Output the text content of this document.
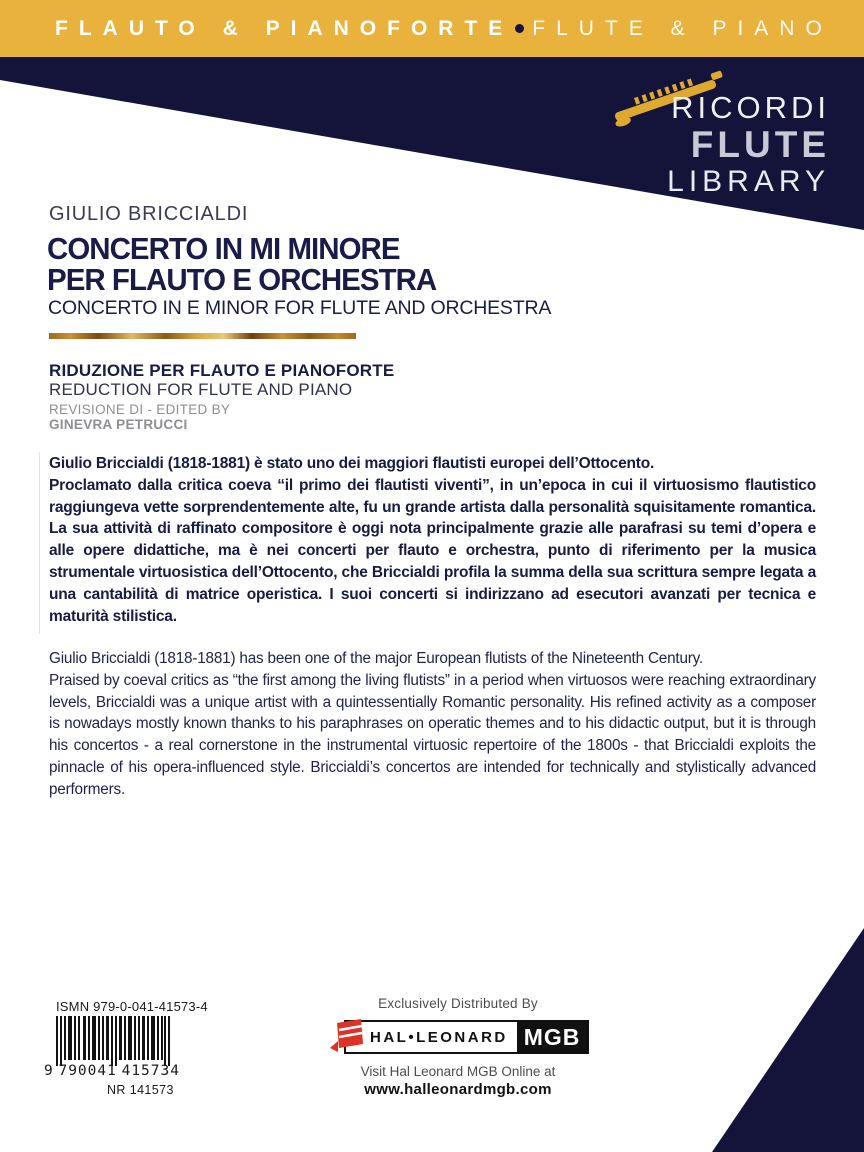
FLAUTO & PIANOFORTE FLUTE & PIANO
RICORDI
FLUTE
LIBRARY
GIULIO BRICCIALDI
CONCERTO IN MI MINORE
PER FLAUTO E ORCHESTRA
CONCERTO IN E MINOR FOR FLUTE AND ORCHESTRA
RIDUZIONE PER FLAUTO E PIANOFORTE
REDUCTION FOR FLUTE AND PIANO
REVISIONE DI - EDITED BY
GINEVRA PETRUCCI
Giulio Briccialdi (1818-1881) è stato uno dei maggiori flautisti europei dell’Ottocento.
Proclamato dalla critica coeva “il primo dei flautisti viventi”, in un’epoca in cui il virtuosismo flautistico raggiungeva vette sorprendentemente alte, fu un grande artista dalla personalità squisitamente romantica. La sua attività di raffinato compositore è oggi nota principalmente grazie alle parafrasi su temi d’opera e alle opere didattiche, ma è nei concerti per flauto e orchestra, punto di riferimento per la musica strumentale virtuosistica dell’Ottocento, che Briccialdi profila la summa della sua scrittura sempre legata a una cantabilità di matrice operistica. I suoi concerti si indirizzano ad esecutori avanzati per tecnica e maturità stilistica.
Giulio Briccialdi (1818-1881) has been one of the major European flutists of the Nineteenth Century.
Praised by coeval critics as “the first among the living flutists” in a period when virtuosos were reaching extraordinary levels, Briccialdi was a unique artist with a quintessentially Romantic personality. His refined activity as a composer is nowadays mostly known thanks to his paraphrases on operatic themes and to his didactic output, but it is through his concertos - a real cornerstone in the instrumental virtuosic repertoire of the 1800s - that Briccialdi exploits the pinnacle of his opera-influenced style. Briccialdi’s concertos are intended for technically and stylistically advanced performers.
ISMN 979-0-041-41573-4
9 790041 415734
NR 141573
Exclusively Distributed By
HAL•LEONARD MGB
Visit Hal Leonard MGB Online at
www.halleonardmgb.com
